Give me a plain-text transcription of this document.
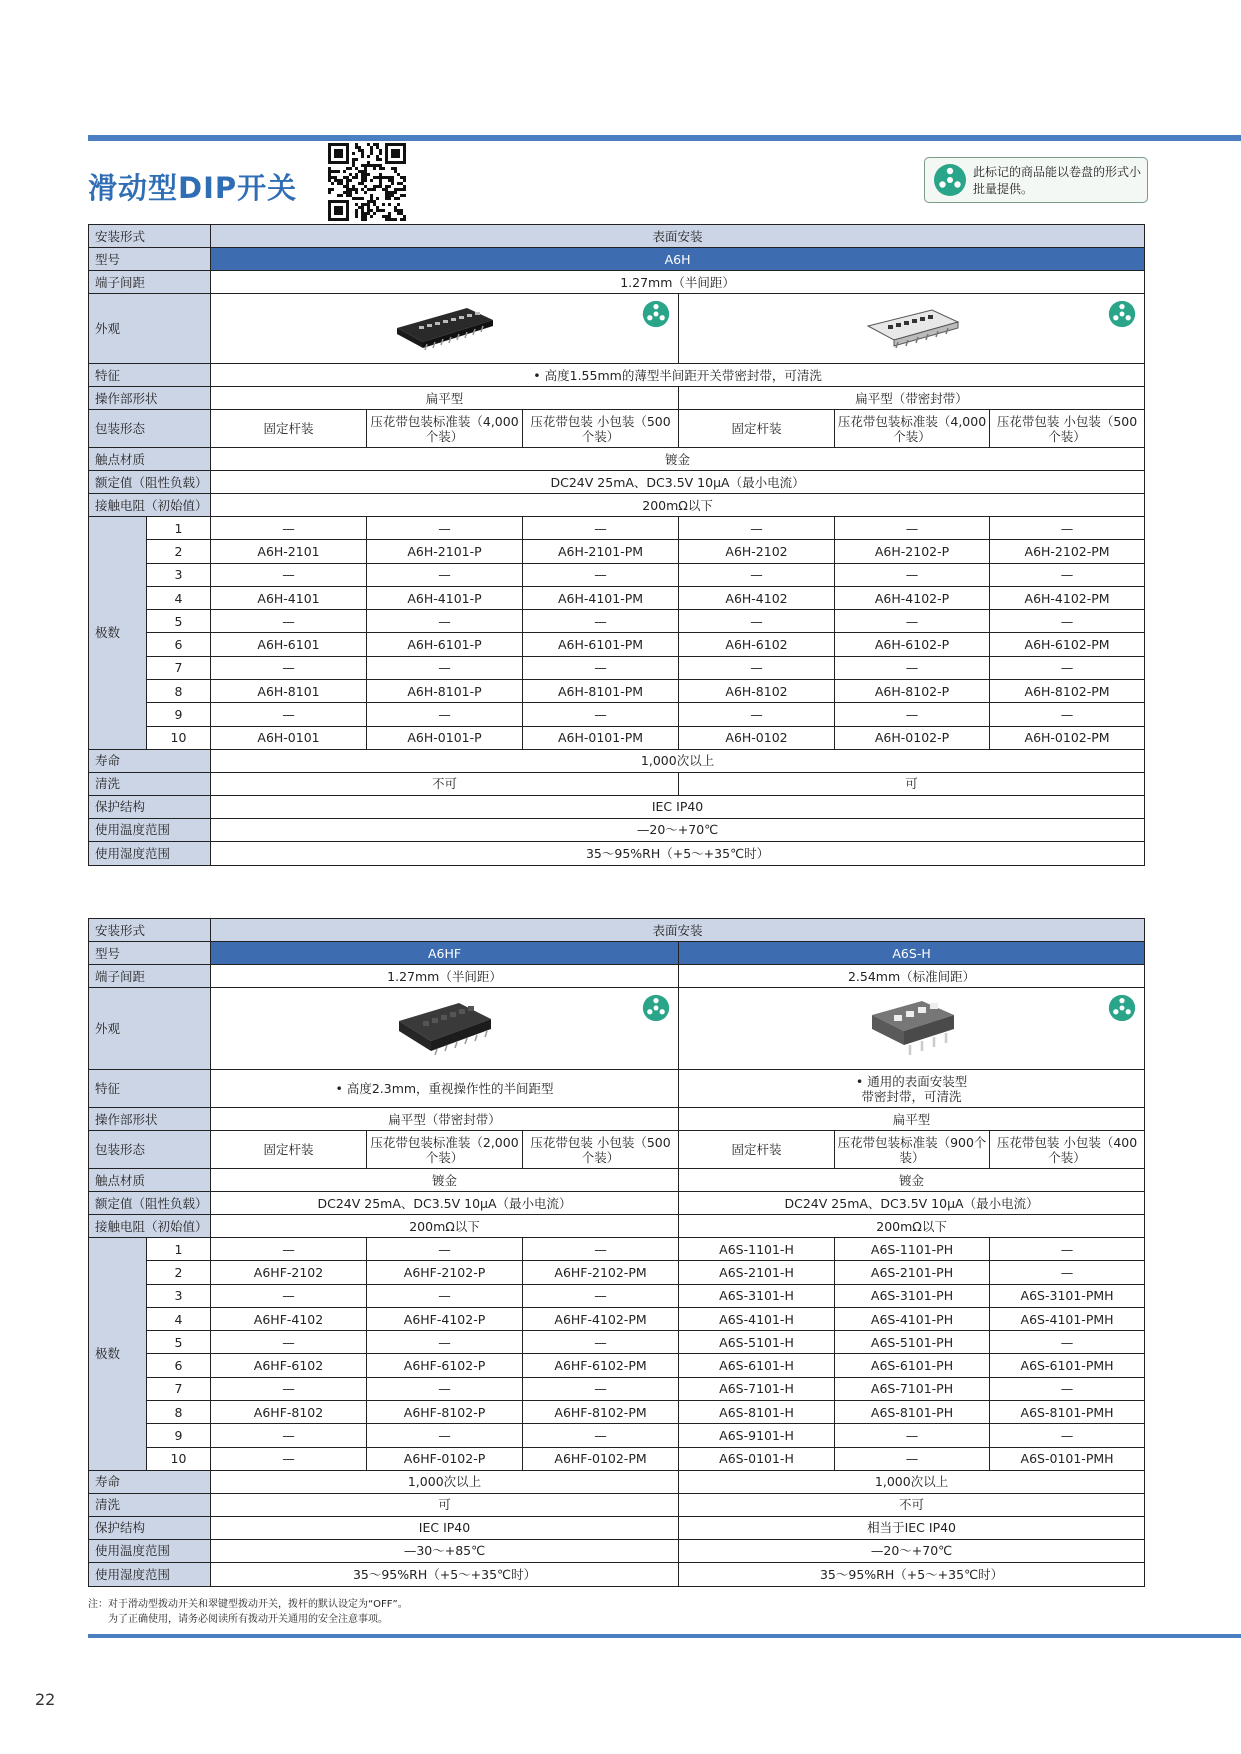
滑动型DIP开关	此标记的商品能以卷盘的形式小批量提供。
安装形式		表面安装					
型号		A6H					
端子间距		1.27mm（半间距）					
外观	

特征		• 高度1.55mm的薄型半间距开关带密封带，可清洗					
操作部形状		扁平型			扁平型（带密封带）		
包装形态		固定杆装	压花带包装标准装（4,000个装）	压花带包装 小包装（500个装）	固定杆装	压花带包装标准装（4,000个装）	压花带包装 小包装（500个装）
触点材质		镀金					
额定值（阻性负载）		DC24V 25mA、DC3.5V 10μA（最小电流）					
接触电阻（初始值）		200mΩ以下					
极数	1	—	—	—	—	—	—
	2	A6H-2101	A6H-2101-P	A6H-2101-PM	A6H-2102	A6H-2102-P	A6H-2102-PM
	3	—	—	—	—	—	—
	4	A6H-4101	A6H-4101-P	A6H-4101-PM	A6H-4102	A6H-4102-P	A6H-4102-PM
	5	—	—	—	—	—	—
	6	A6H-6101	A6H-6101-P	A6H-6101-PM	A6H-6102	A6H-6102-P	A6H-6102-PM
	7	—	—	—	—	—	—
	8	A6H-8101	A6H-8101-P	A6H-8101-PM	A6H-8102	A6H-8102-P	A6H-8102-PM
	9	—	—	—	—	—	—
	10	A6H-0101	A6H-0101-P	A6H-0101-PM	A6H-0102	A6H-0102-P	A6H-0102-PM
寿命		1,000次以上					
清洗		不可			可		
保护结构		IEC IP40					
使用温度范围		—20～+70℃					
使用湿度范围		35～95%RH（+5～+35℃时）					
安装形式		表面安装					
型号		A6HF			A6S-H		
端子间距		1.27mm（半间距）			2.54mm（标准间距）		
外观	

特征		• 高度2.3mm，重视操作性的半间距型			• 通用的表面安装型
带密封带，可清洗		

操作部形状		扁平型（带密封带）			扁平型		
包装形态		固定杆装	压花带包装标准装（2,000个装）	压花带包装 小包装（500个装）	固定杆装	压花带包装标准装（900个装）	压花带包装 小包装（400个装）
触点材质		镀金			镀金		
额定值（阻性负载）		DC24V 25mA、DC3.5V 10μA（最小电流）			DC24V 25mA、DC3.5V 10μA（最小电流）		
接触电阻（初始值）		200mΩ以下			200mΩ以下		
极数	1	—	—	—	A6S-1101-H	A6S-1101-PH	—
	2	A6HF-2102	A6HF-2102-P	A6HF-2102-PM	A6S-2101-H	A6S-2101-PH	—
	3	—	—	—	A6S-3101-H	A6S-3101-PH	A6S-3101-PMH
	4	A6HF-4102	A6HF-4102-P	A6HF-4102-PM	A6S-4101-H	A6S-4101-PH	A6S-4101-PMH
	5	—	—	—	A6S-5101-H	A6S-5101-PH	—
	6	A6HF-6102	A6HF-6102-P	A6HF-6102-PM	A6S-6101-H	A6S-6101-PH	A6S-6101-PMH
	7	—	—	—	A6S-7101-H	A6S-7101-PH	—
	8	A6HF-8102	A6HF-8102-P	A6HF-8102-PM	A6S-8101-H	A6S-8101-PH	A6S-8101-PMH
	9	—	—	—	A6S-9101-H	—	—
	10	—	A6HF-0102-P	A6HF-0102-PM	A6S-0101-H	—	A6S-0101-PMH
寿命		1,000次以上			1,000次以上		
清洗		可			不可		
保护结构		IEC IP40			相当于IEC IP40		
使用温度范围		—30～+85℃			—20～+70℃		
使用湿度范围		35～95%RH（+5～+35℃时）			35～95%RH（+5～+35℃时）		
注：对于滑动型拨动开关和翠键型拨动开关，拨杆的默认设定为“OFF”。
为了正确使用，请务必阅读所有拨动开关通用的安全注意事项。
22
